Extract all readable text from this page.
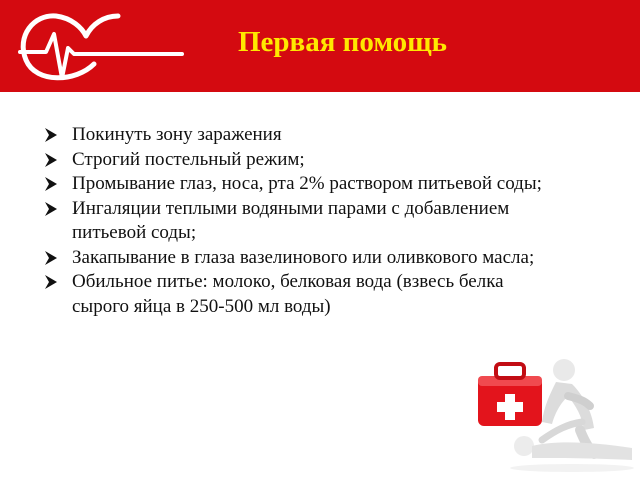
Первая помощь
Покинуть зону заражения
Строгий постельный режим;
Промывание глаз, носа, рта 2% раствором питьевой соды;
Ингаляции теплыми водяными парами с добавлением питьевой соды;
Закапывание в глаза вазелинового или оливкового масла;
Обильное питье: молоко, белковая вода (взвесь белка сырого яйца в 250-500 мл воды)
